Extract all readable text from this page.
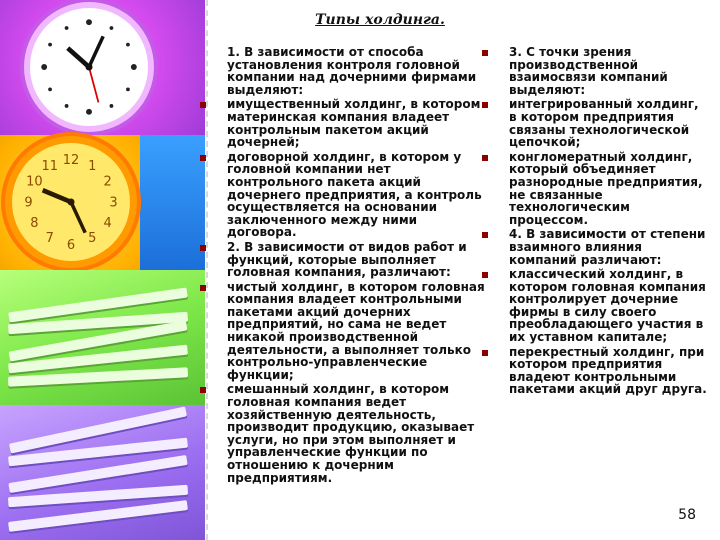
12 1
2
3
4
5
6
7
8
9
10
11
Типы холдинга.
1. В зависимости от способа установления контроля головной компании над дочерними фирмами выделяют:
имущественный холдинг, в котором материнская компания владеет контрольным пакетом акций дочерней;
договорной холдинг, в котором у головной компании нет контрольного пакета акций дочернего предприятия, а контроль осуществляется на основании заключенного между ними договора.
2. В зависимости от видов работ и функций, которые выполняет головная компания, различают:
чистый холдинг, в котором головная компания владеет контрольными пакетами акций дочерних предприятий, но сама не ведет никакой производственной деятельности, а выполняет только контрольно-управленческие функции;
смешанный холдинг, в котором головная компания ведет хозяйственную деятельность, производит продукцию, оказывает услуги, но при этом выполняет и управленческие функции по отношению к дочерним предприятиям.
3. С точки зрения производственной взаимосвязи компаний выделяют:
интегрированный холдинг, в котором предприятия связаны технологической цепочкой;
конгломератный холдинг, который объединяет разнородные предприятия, не связанные технологическим процессом.
4. В зависимости от степени взаимного влияния компаний различают:
классический холдинг, в котором головная компания контролирует дочерние фирмы в силу своего преобладающего участия в их уставном капитале;
перекрестный холдинг, при котором предприятия владеют контрольными пакетами акций друг друга.
58
